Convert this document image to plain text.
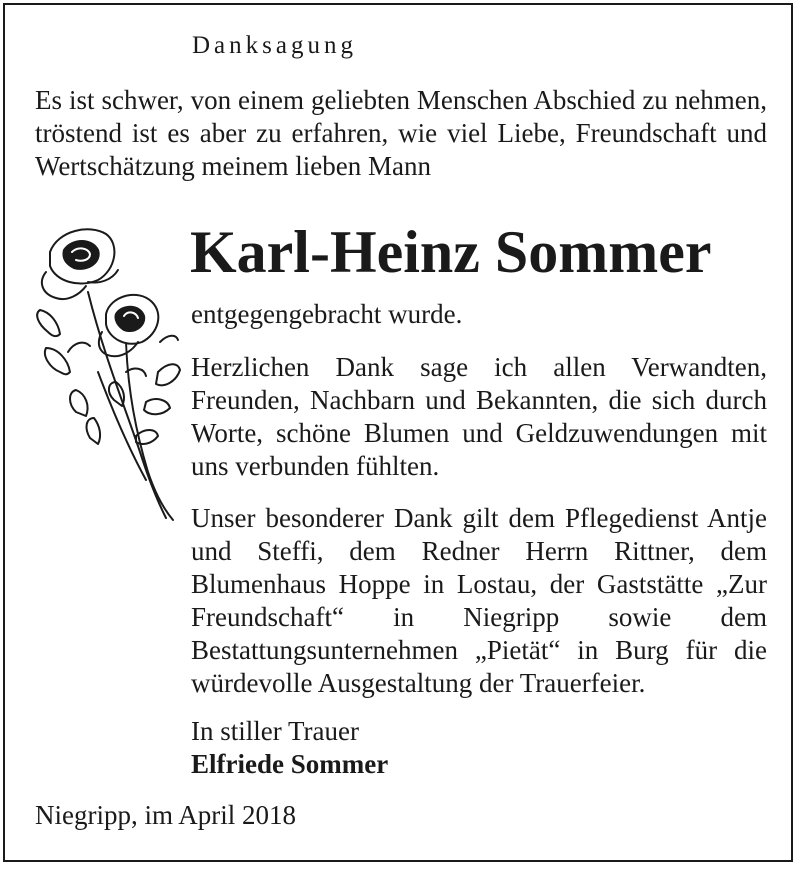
Danksagung
Es ist schwer, von einem geliebten Menschen Abschied zu nehmen, tröstend ist es aber zu erfahren, wie viel Liebe, Freundschaft und Wertschätzung meinem lieben Mann
Karl-Heinz Sommer
entgegengebracht wurde.
Herzlichen Dank sage ich allen Verwandten, Freunden, Nachbarn und Bekannten, die sich durch Worte, schöne Blumen und Geldzuwendungen mit uns verbunden fühlten.
Unser besonderer Dank gilt dem Pflegedienst Antje und Steffi, dem Redner Herrn Rittner, dem Blumenhaus Hoppe in Lostau, der Gaststätte „Zur Freundschaft“ in Niegripp sowie dem Bestattungsunternehmen „Pietät“ in Burg für die würdevolle Ausgestaltung der Trauerfeier.
In stiller Trauer
Elfriede Sommer
Niegripp, im April 2018
